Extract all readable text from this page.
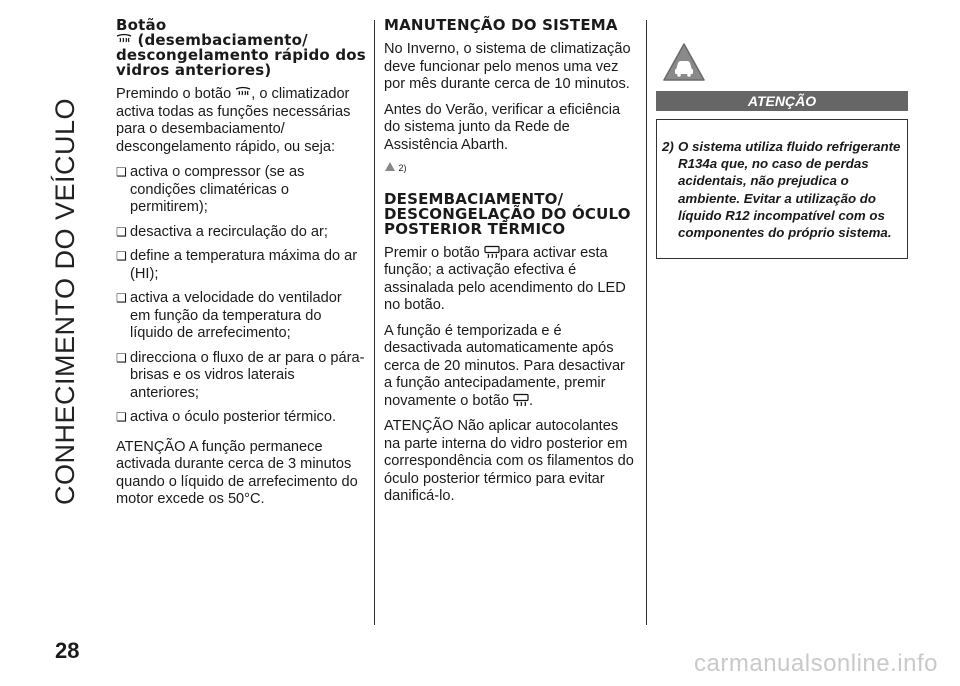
CONHECIMENTO DO VEÍCULO
Botão
(desembaciamento/ descongelamento rápido dos vidros anteriores)

Premindo o botão , o climatizador activa todas as funções necessárias para o desembaciamento/ descongelamento rápido, ou seja:

❑ activa o compressor (se as condições climatéricas o permitirem);
❑ desactiva a recirculação do ar;
❑ define a temperatura máxima do ar (HI);
❑ activa a velocidade do ventilador em função da temperatura do líquido de arrefecimento;
❑ direcciona o fluxo de ar para o pára-brisas e os vidros laterais anteriores;
❑ activa o óculo posterior térmico.

ATENÇÃO A função permanece activada durante cerca de 3 minutos quando o líquido de arrefecimento do motor excede os 50°C.

MANUTENÇÃO DO SISTEMA

No Inverno, o sistema de climatização deve funcionar pelo menos uma vez por mês durante cerca de 10 minutos.

Antes do Verão, verificar a eficiência do sistema junto da Rede de Assistência Abarth.

2)
DESEMBACIAMENTO/ DESCONGELAÇÃO DO ÓCULO POSTERIOR TÉRMICO

Premir o botão para activar esta função; a activação efectiva é assinalada pelo acendimento do LED no botão.

A função é temporizada e é desactivada automaticamente após cerca de 20 minutos. Para desactivar a função antecipadamente, premir novamente o botão .

ATENÇÃO Não aplicar autocolantes na parte interna do vidro posterior em correspondência com os filamentos do óculo posterior térmico para evitar danificá-lo.

ATENÇÃO
2) O sistema utiliza fluido refrigerante R134a que, no caso de perdas acidentais, não prejudica o ambiente. Evitar a utilização do líquido R12 incompatível com os componentes do próprio sistema.
28	carmanualsonline.info
